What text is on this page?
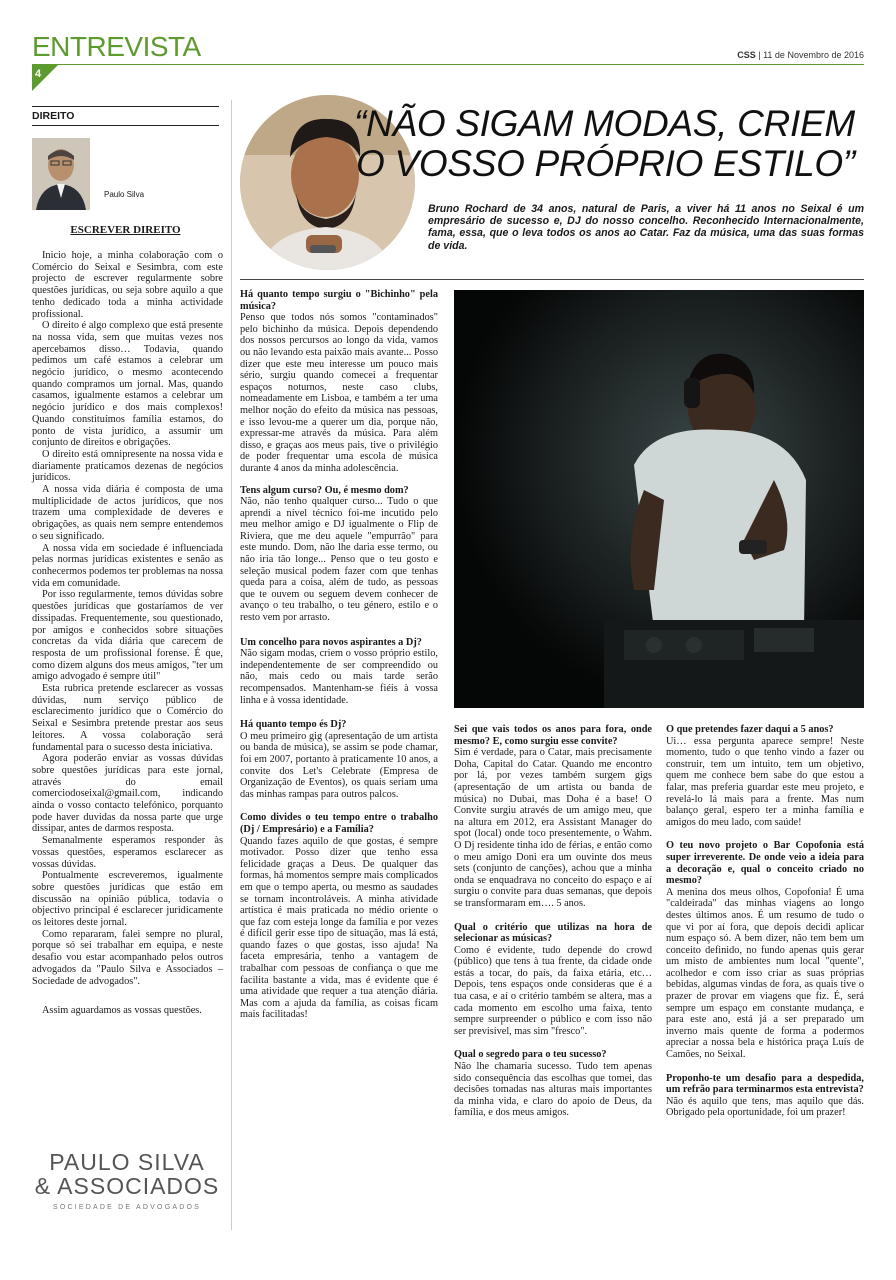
ENTREVISTA
4
CSS | 11 de Novembro de 2016
DIREITO
Paulo Silva
ESCREVER DIREITO

Inicio hoje, a minha colaboração com o Comércio do Seixal e Sesimbra, com este projecto de escrever regularmente sobre questões jurídicas, ou seja sobre aquilo a que tenho dedicado toda a minha actividade profissional.

O direito é algo complexo que está presente na nossa vida, sem que muitas vezes nos apercebamos disso… Todavia, quando pedimos um café estamos a celebrar um negócio jurídico, o mesmo acontecendo quando compramos um jornal. Mas, quando casamos, igualmente estamos a celebrar um negócio jurídico e dos mais complexos! Quando constituímos família estamos, do ponto de vista jurídico, a assumir um conjunto de direitos e obrigações.

O direito está omnipresente na nossa vida e diariamente praticamos dezenas de negócios jurídicos.

A nossa vida diária é composta de uma multiplicidade de actos jurídicos, que nos trazem uma complexidade de deveres e obrigações, as quais nem sempre entendemos o seu significado.

A nossa vida em sociedade é influenciada pelas normas jurídicas existentes e senão as conhecermos podemos ter problemas na nossa vida em comunidade.

Por isso regularmente, temos dúvidas sobre questões jurídicas que gostaríamos de ver dissipadas. Frequentemente, sou questionado, por amigos e conhecidos sobre situações concretas da vida diária que carecem de resposta de um profissional forense. É que, como dizem alguns dos meus amigos, "ter um amigo advogado é sempre útil"

Esta rubrica pretende esclarecer as vossas dúvidas, num serviço público de esclarecimento jurídico que o Comércio do Seixal e Sesimbra pretende prestar aos seus leitores. A vossa colaboração será fundamental para o sucesso desta iniciativa.

Agora poderão enviar as vossas dúvidas sobre questões jurídicas para este jornal, através do email comerciodoseixal@gmail.com, indicando ainda o vosso contacto telefónico, porquanto pode haver duvidas da nossa parte que urge dissipar, antes de darmos resposta.

Semanalmente esperamos responder às vossas questões, esperamos esclarecer as vossas dúvidas.

Pontualmente escreveremos, igualmente sobre questões jurídicas que estão em discussão na opinião pública, todavia o objectivo principal é esclarecer juridicamente os leitores deste jornal.

Como repararam, falei sempre no plural, porque só sei trabalhar em equipa, e neste desafio vou estar acompanhado pelos outros advogados da "Paulo Silva e Associados – Sociedade de advogados".

Assim aguardamos as vossas questões.

PAULO SILVA
& ASSOCIADOS
SOCIEDADE DE ADVOGADOS
“NÃO SIGAM MODAS, CRIEM
O VOSSO PRÓPRIO ESTILO”
Bruno Rochard de 34 anos, natural de Paris, a viver há 11 anos no Seixal é um empresário de sucesso e, DJ do nosso concelho. Reconhecido Internacionalmente, fama, essa, que o leva todos os anos ao Catar. Faz da música, uma das suas formas de vida.

Há quanto tempo surgiu o "Bichinho" pela música?

Penso que todos nós somos "contaminados" pelo bichinho da música. Depois dependendo dos nossos percursos ao longo da vida, vamos ou não levando esta paixão mais avante... Posso dizer que este meu interesse um pouco mais sério, surgiu quando comecei a frequentar espaços noturnos, neste caso clubs, nomeadamente em Lisboa, e também a ter uma melhor noção do efeito da música nas pessoas, e isso levou-me a querer um dia, porque não, expressar-me através da música. Para além disso, e graças aos meus pais, tive o privilégio de poder frequentar uma escola de música durante 4 anos da minha adolescência.

Tens algum curso? Ou, é mesmo dom?

Não, não tenho qualquer curso... Tudo o que aprendi a nível técnico foi-me incutido pelo meu melhor amigo e DJ igualmente o Flip de Riviera, que me deu aquele "empurrão" para este mundo. Dom, não lhe daria esse termo, ou não iria tão longe... Penso que o teu gosto e seleção musical podem fazer com que tenhas queda para a coisa, além de tudo, as pessoas que te ouvem ou seguem devem conhecer de avanço o teu trabalho, o teu género, estilo e o resto vem por arrasto.

Um concelho para novos aspirantes a Dj?

Não sigam modas, criem o vosso próprio estilo, independentemente de ser compreendido ou não, mais cedo ou mais tarde serão recompensados. Mantenham-se fiéis à vossa linha e à vossa identidade.

Há quanto tempo és Dj?

O meu primeiro gig (apresentação de um artista ou banda de música), se assim se pode chamar, foi em 2007, portanto à praticamente 10 anos, a convite dos Let's Celebrate (Empresa de Organização de Eventos), os quais seriam uma das minhas rampas para outros palcos.

Como divides o teu tempo entre o trabalho (Dj / Empresário) e a Família?

Quando fazes aquilo de que gostas, é sempre motivador. Posso dizer que tenho essa felicidade graças a Deus. De qualquer das formas, há momentos sempre mais complicados em que o tempo aperta, ou mesmo as saudades se tornam incontroláveis. A minha atividade artística é mais praticada no médio oriente o que faz com esteja longe da família e por vezes é difícil gerir esse tipo de situação, mas lá está, quando fazes o que gostas, isso ajuda! Na faceta empresária, tenho a vantagem de trabalhar com pessoas de confiança o que me facilita bastante a vida, mas é evidente que é uma atividade que requer a tua atenção diária. Mas com a ajuda da família, as coisas ficam mais facilitadas!

Sei que vais todos os anos para fora, onde mesmo? E, como surgiu esse convite?

Sim é verdade, para o Catar, mais precisamente Doha, Capital do Catar. Quando me encontro por lá, por vezes também surgem gigs (apresentação de um artista ou banda de música) no Dubai, mas Doha é a base! O Convite surgiu através de um amigo meu, que na altura em 2012, era Assistant Manager do spot (local) onde toco presentemente, o Wahm. O Dj residente tinha ido de férias, e então como o meu amigo Doni era um ouvinte dos meus sets (conjunto de canções), achou que a minha onda se enquadrava no conceito do espaço e aí surgiu o convite para duas semanas, que depois se transformaram em…. 5 anos.

Qual o critério que utilizas na hora de selecionar as músicas?

Como é evidente, tudo depende do crowd (público) que tens à tua frente, da cidade onde estás a tocar, do país, da faixa etária, etc… Depois, tens espaços onde consideras que é a tua casa, e aí o critério também se altera, mas a cada momento em escolho uma faixa, tento sempre surpreender o público e com isso não ser previsível, mas sim "fresco".

Qual o segredo para o teu sucesso?

Não lhe chamaria sucesso. Tudo tem apenas sido consequência das escolhas que tomei, das decisões tomadas nas alturas mais importantes da minha vida, e claro do apoio de Deus, da família, e dos meus amigos.

O que pretendes fazer daqui a 5 anos?

Ui… essa pergunta aparece sempre! Neste momento, tudo o que tenho vindo a fazer ou construir, tem um intuito, tem um objetivo, quem me conhece bem sabe do que estou a falar, mas preferia guardar este meu projeto, e revelá-lo lá mais para a frente. Mas num balanço geral, espero ter a minha família e amigos do meu lado, com saúde!

O teu novo projeto o Bar Copofonia está super irreverente. De onde veio a ideia para a decoração e, qual o conceito criado no mesmo?

A menina dos meus olhos, Copofonia! É uma "caldeirada" das minhas viagens ao longo destes últimos anos. É um resumo de tudo o que vi por aí fora, que depois decidi aplicar num espaço só. A bem dizer, não tem bem um conceito definido, no fundo apenas quis gerar um misto de ambientes num local "quente", acolhedor e com isso criar as suas próprias bebidas, algumas vindas de fora, as quais tive o prazer de provar em viagens que fiz. É, será sempre um espaço em constante mudança, e para este ano, está já a ser preparado um inverno mais quente de forma a podermos apreciar a nossa bela e histórica praça Luís de Camões, no Seixal.

Proponho-te um desafio para a despedida, um refrão para terminarmos esta entrevista?

Não és aquilo que tens, mas aquilo que dás. Obrigado pela oportunidade, foi um prazer!
